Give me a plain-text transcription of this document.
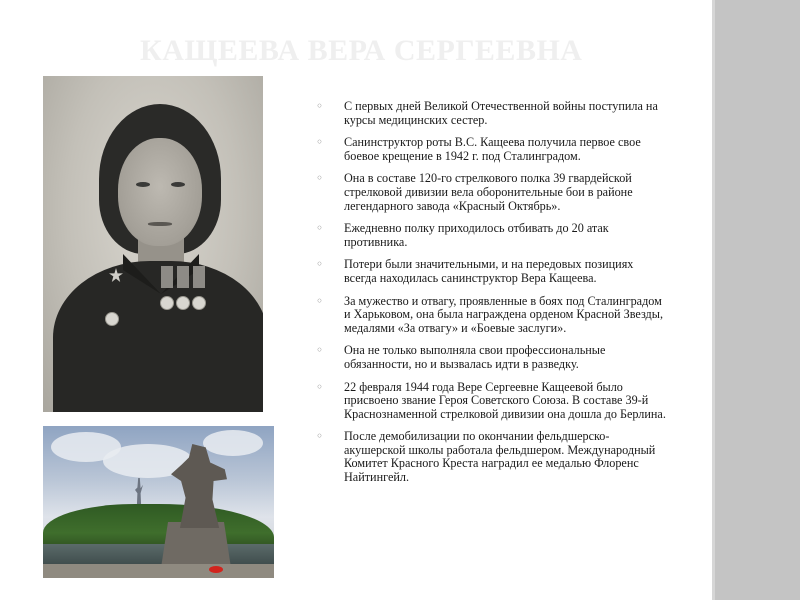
КАЩЕЕВА ВЕРА СЕРГЕЕВНА
◦	С первых дней Великой Отечественной войны поступила на курсы медицинских сестер.
◦	Санинструктор роты В.С. Кащеева получила первое свое боевое крещение в 1942 г. под Сталинградом.
◦	Она в составе 120-го стрелкового полка 39 гвардейской стрелковой дивизии вела оборонительные бои в районе легендарного завода «Красный Октябрь».
◦	Ежедневно полку приходилось отбивать до 20 атак противника.
◦	Потери были значительными, и на передовых позициях всегда находилась санинструктор Вера Кащеева.
◦	За мужество и отвагу, проявленные в боях под Сталинградом и Харьковом, она была награждена орденом Красной Звезды, медалями «За отвагу» и «Боевые заслуги».
◦	Она не только выполняла свои профессиональные обязанности, но и вызвалась идти в разведку.
◦	22 февраля 1944 года Вере Сергеевне Кащеевой было присвоено звание Героя Советского Союза. В составе 39-й Краснознаменной стрелковой дивизии она дошла до Берлина.
◦	После демобилизации по окончании фельдшерско-акушерской школы работала фельдшером. Международный Комитет Красного Креста наградил ее медалью Флоренс Найтингейл.
